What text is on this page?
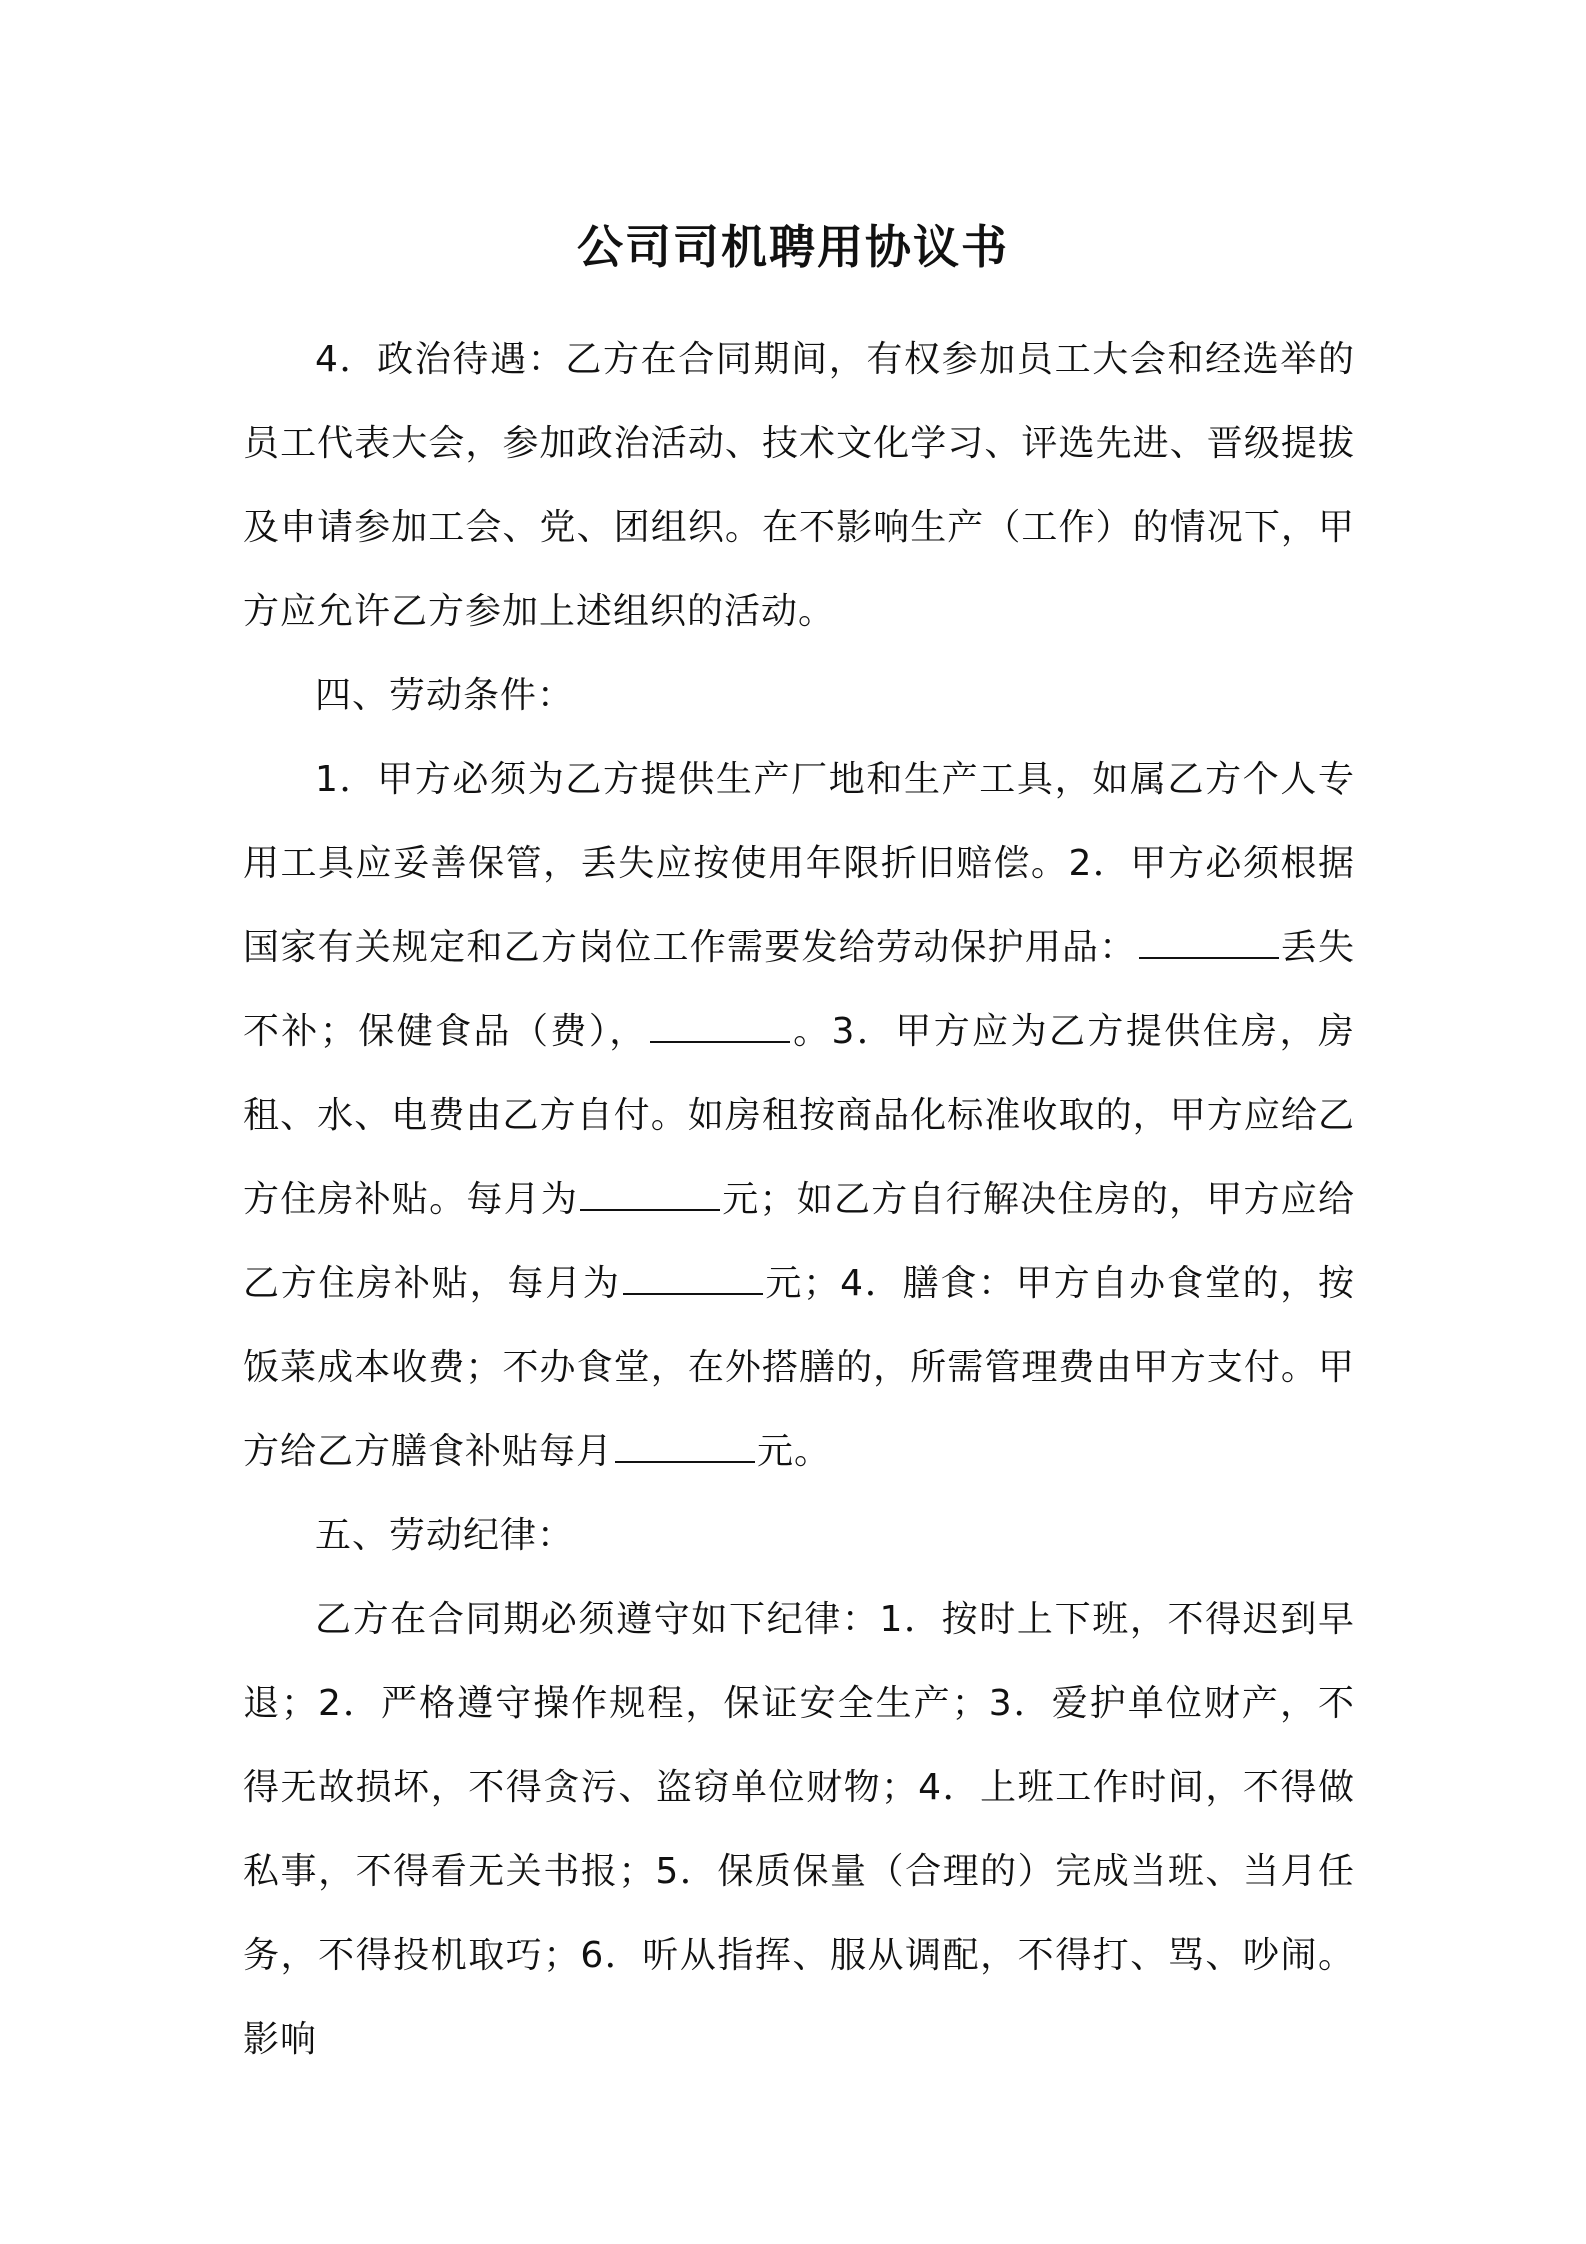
公司司机聘用协议书

4．政治待遇：乙方在合同期间，有权参加员工大会和经选举的员工代表大会，参加政治活动、技术文化学习、评选先进、晋级提拔及申请参加工会、党、团组织。在不影响生产（工作）的情况下，甲方应允许乙方参加上述组织的活动。

四、劳动条件：

1．甲方必须为乙方提供生产厂地和生产工具，如属乙方个人专用工具应妥善保管，丢失应按使用年限折旧赔偿。2．甲方必须根据国家有关规定和乙方岗位工作需要发给劳动保护用品：	丢失不补；保健食品（费），	。3．甲方应为乙方提供住房，房租、水、电费由乙方自付。如房租按商品化标准收取的，甲方应给乙方住房补贴。每月为	元；如乙方自行解决住房的，甲方应给乙方住房补贴，每月为	元；4．膳食：甲方自办食堂的，按饭菜成本收费；不办食堂，在外搭膳的，所需管理费由甲方支付。甲方给乙方膳食补贴每月	元。

五、劳动纪律：

乙方在合同期必须遵守如下纪律：1．按时上下班，不得迟到早退；2．严格遵守操作规程，保证安全生产；3．爱护单位财产，不得无故损坏，不得贪污、盗窃单位财物；4．上班工作时间，不得做私事，不得看无关书报；5．保质保量（合理的）完成当班、当月任务，不得投机取巧；6．听从指挥、服从调配，不得打、骂、吵闹。影响
